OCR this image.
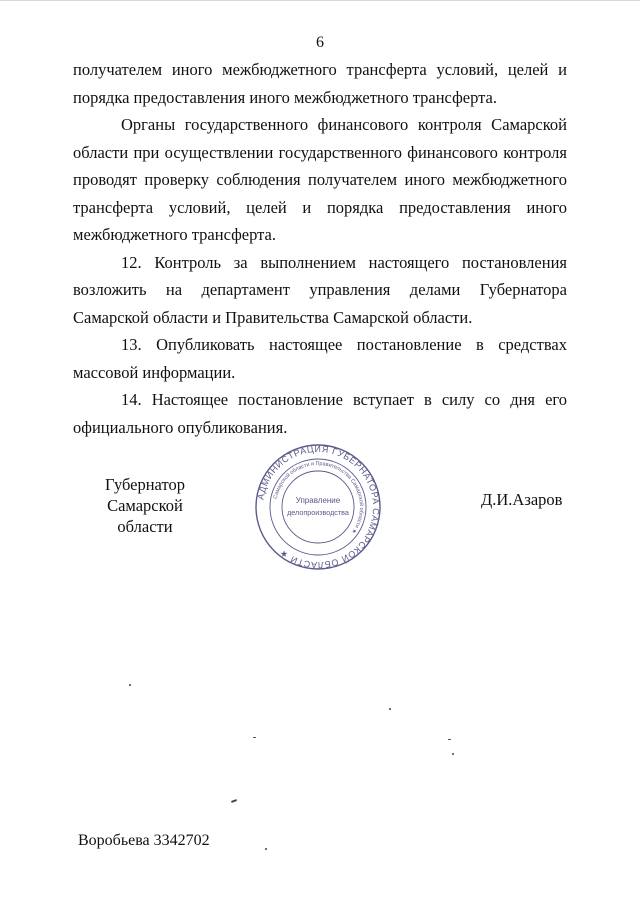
6

получателем иного межбюджетного трансферта условий, целей и порядка предоставления иного межбюджетного трансферта.

Органы государственного финансового контроля Самарской области при осуществлении государственного финансового контроля проводят проверку соблюдения получателем иного межбюджетного трансферта условий, целей и порядка предоставления иного межбюджетного трансферта.

12. Контроль за выполнением настоящего постановления возложить на департамент управления делами Губернатора Самарской области и Правительства Самарской области.

13. Опубликовать настоящее постановление в средствах массовой информации.

14. Настоящее постановление вступает в силу со дня его официального опубликования.

Губернатор
Самарской области
АДМИНИСТРАЦИЯ ГУБЕРНАТОРА САМАРСКОЙ ОБЛАСТИ ★
Самарской области и Правительства Самарской области ★
Управление
делопроизводства
Д.И.Азаров
Воробьева 3342702
